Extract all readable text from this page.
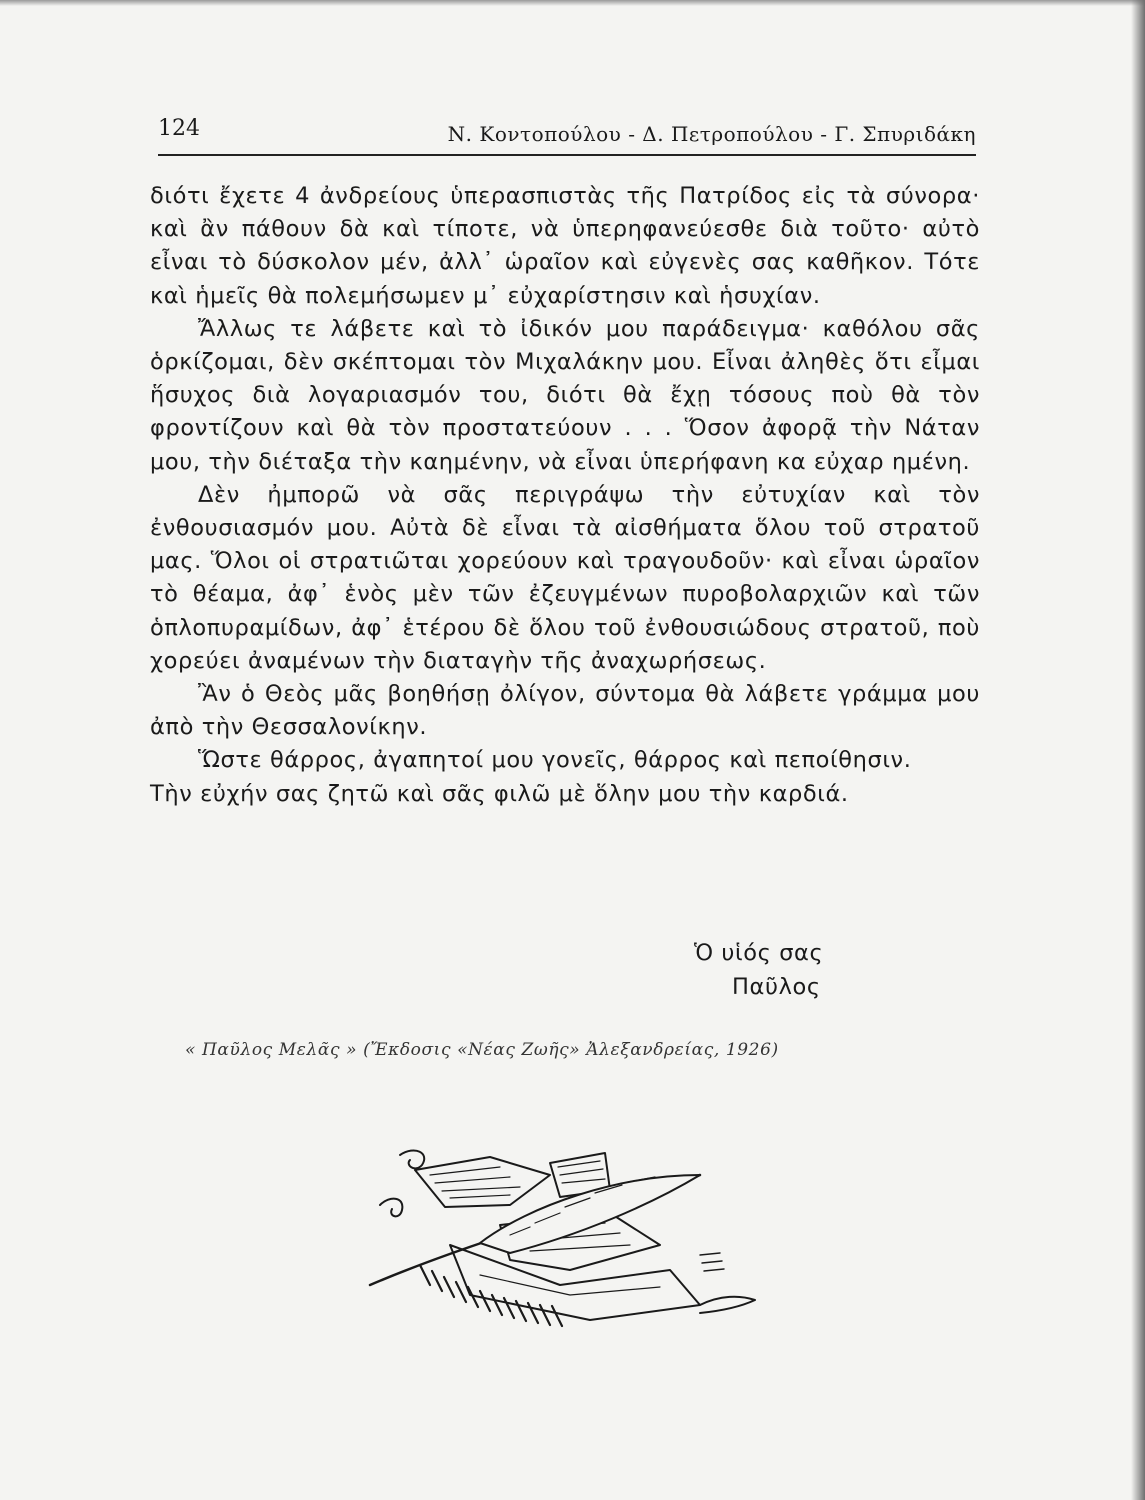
124	Ν. Κοντοπούλου - Δ. Πετροπούλου - Γ. Σπυριδάκη

διότι ἔχετε 4 ἀνδρείους ὑπερασπιστὰς τῆς Πατρίδος εἰς τὰ σύνορα· καὶ ἂν πάθουν δὰ καὶ τίποτε, νὰ ὑπερηφανεύεσθε διὰ τοῦτο· αὐτὸ εἶναι τὸ δύσκολον μέν, ἀλλ᾽ ὡραῖον καὶ εὐγενὲς σας καθῆκον. Τότε καὶ ἡμεῖς θὰ πολεμήσωμεν μ᾽ εὐχαρίστησιν καὶ ἡσυχίαν.

Ἄλλως τε λάβετε καὶ τὸ ἰδικόν μου παράδειγμα· καθόλου σᾶς ὁρκίζομαι, δὲν σκέπτομαι τὸν Μιχαλάκην μου. Εἶναι ἀληθὲς ὅτι εἶμαι ἥσυχος διὰ λογαριασμόν του, διότι θὰ ἔχῃ τόσους ποὺ θὰ τὸν φροντίζουν καὶ θὰ τὸν προστατεύουν . . . Ὅσον ἀφορᾷ τὴν Νάταν μου, τὴν διέταξα τὴν καημένην, νὰ εἶναι ὑπερήφανη κα εὐχαρ ημένη.

Δὲν ἠμπορῶ νὰ σᾶς περιγράψω τὴν εὐτυχίαν καὶ τὸν ἐνθουσιασμόν μου. Αὐτὰ δὲ εἶναι τὰ αἰσθήματα ὅλου τοῦ στρατοῦ μας. Ὅλοι οἱ στρατιῶται χορεύουν καὶ τραγουδοῦν· καὶ εἶναι ὡραῖον τὸ θέαμα, ἀφ᾽ ἑνὸς μὲν τῶν ἐζευγμένων πυροβολαρχιῶν καὶ τῶν ὁπλοπυραμίδων, ἀφ᾽ ἑτέρου δὲ ὅλου τοῦ ἐνθουσιώδους στρατοῦ, ποὺ χορεύει ἀναμένων τὴν διαταγὴν τῆς ἀναχωρήσεως.

Ἂν ὁ Θεὸς μᾶς βοηθήσῃ ὀλίγον, σύντομα θὰ λάβετε γράμμα μου ἀπὸ τὴν Θεσσαλονίκην.

Ὥστε θάρρος, ἀγαπητοί μου γονεῖς, θάρρος καὶ πεποίθησιν.

Τὴν εὐχήν σας ζητῶ καὶ σᾶς φιλῶ μὲ ὅλην μου τὴν καρδιά.

Ὁ υἱός σας
Παῦλος
« Παῦλος Μελᾶς » (Ἔκδοσις «Νέας Ζωῆς» Ἀλεξανδρείας, 1926)
